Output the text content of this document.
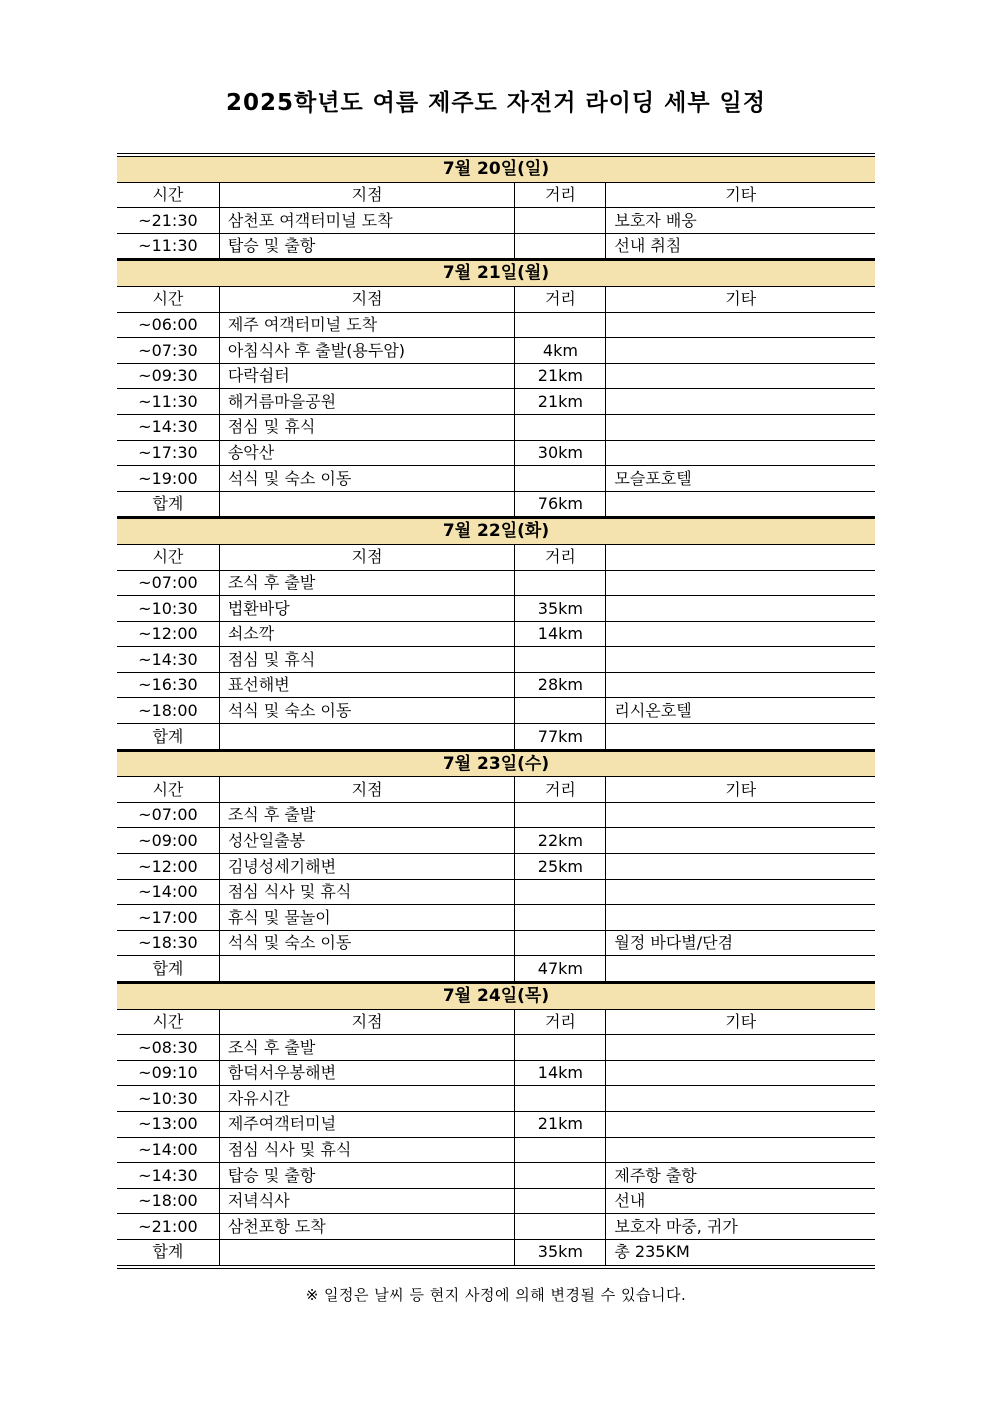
2025학년도 여름 제주도 자전거 라이딩 세부 일정
7월 20일(일)			
시간	지점	거리	기타
~21:30	삼천포 여객터미널 도착		보호자 배웅
~11:30	탑승 및 출항		선내 취침
7월 21일(월)			
시간	지점	거리	기타
~06:00	제주 여객터미널 도착		
~07:30	아침식사 후 출발(용두암)	4km	
~09:30	다락쉼터	21km	
~11:30	해거름마을공원	21km	
~14:30	점심 및 휴식		
~17:30	송악산	30km	
~19:00	석식 및 숙소 이동		모슬포호텔
합계		76km	
7월 22일(화)			
시간	지점	거리	
~07:00	조식 후 출발		
~10:30	법환바당	35km	
~12:00	쇠소깍	14km	
~14:30	점심 및 휴식		
~16:30	표선해변	28km	
~18:00	석식 및 숙소 이동		리시온호텔
합계		77km	
7월 23일(수)			
시간	지점	거리	기타
~07:00	조식 후 출발		
~09:00	성산일출봉	22km	
~12:00	김녕성세기해변	25km	
~14:00	점심 식사 및 휴식		
~17:00	휴식 및 물놀이		
~18:30	석식 및 숙소 이동		월정 바다별/단겸
합계		47km	
7월 24일(목)			
시간	지점	거리	기타
~08:30	조식 후 출발		
~09:10	함덕서우봉해변	14km	
~10:30	자유시간		
~13:00	제주여객터미널	21km	
~14:00	점심 식사 및 휴식		
~14:30	탑승 및 출항		제주항 출항
~18:00	저녁식사		선내
~21:00	삼천포항 도착		보호자 마중, 귀가
합계		35km	총 235KM
※ 일정은 날씨 등 현지 사정에 의해 변경될 수 있습니다.
